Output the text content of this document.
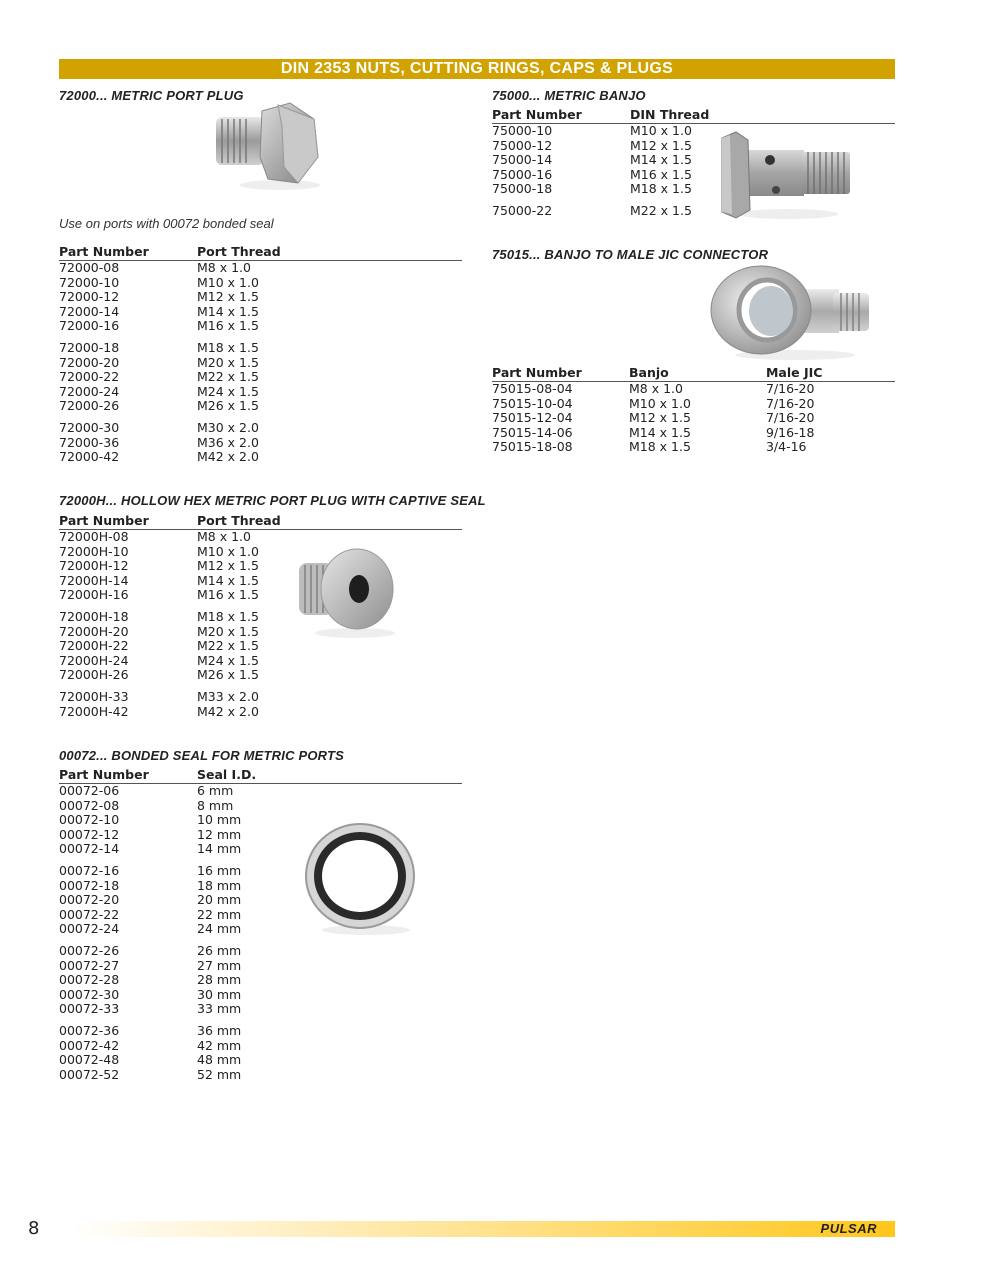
DIN 2353 NUTS, CUTTING RINGS, CAPS & PLUGS
72000... METRIC PORT PLUG
Use on ports with 00072 bonded seal
Part Number	Port Thread
72000-08	M8 x 1.0
72000-10	M10 x 1.0
72000-12	M12 x 1.5
72000-14	M14 x 1.5
72000-16	M16 x 1.5
72000-18	M18 x 1.5
72000-20	M20 x 1.5
72000-22	M22 x 1.5
72000-24	M24 x 1.5
72000-26	M26 x 1.5
72000-30	M30 x 2.0
72000-36	M36 x 2.0
72000-42	M42 x 2.0
75000... METRIC BANJO
Part Number	DIN Thread
75000-10	M10 x 1.0
75000-12	M12 x 1.5
75000-14	M14 x 1.5
75000-16	M16 x 1.5
75000-18	M18 x 1.5
75000-22	M22 x 1.5
75015... BANJO TO MALE JIC CONNECTOR
Part Number	Banjo	Male JIC
75015-08-04	M8 x 1.0	7/16-20
75015-10-04	M10 x 1.0	7/16-20
75015-12-04	M12 x 1.5	7/16-20
75015-14-06	M14 x 1.5	9/16-18
75015-18-08	M18 x 1.5	3/4-16
72000H... HOLLOW HEX METRIC PORT PLUG WITH CAPTIVE SEAL
Part Number	Port Thread
72000H-08	M8 x 1.0
72000H-10	M10 x 1.0
72000H-12	M12 x 1.5
72000H-14	M14 x 1.5
72000H-16	M16 x 1.5
72000H-18	M18 x 1.5
72000H-20	M20 x 1.5
72000H-22	M22 x 1.5
72000H-24	M24 x 1.5
72000H-26	M26 x 1.5
72000H-33	M33 x 2.0
72000H-42	M42 x 2.0
00072... BONDED SEAL FOR METRIC PORTS
Part Number	Seal I.D.
00072-06	6 mm
00072-08	8 mm
00072-10	10 mm
00072-12	12 mm
00072-14	14 mm
00072-16	16 mm
00072-18	18 mm
00072-20	20 mm
00072-22	22 mm
00072-24	24 mm
00072-26	26 mm
00072-27	27 mm
00072-28	28 mm
00072-30	30 mm
00072-33	33 mm
00072-36	36 mm
00072-42	42 mm
00072-48	48 mm
00072-52	52 mm
8	PULSAR
